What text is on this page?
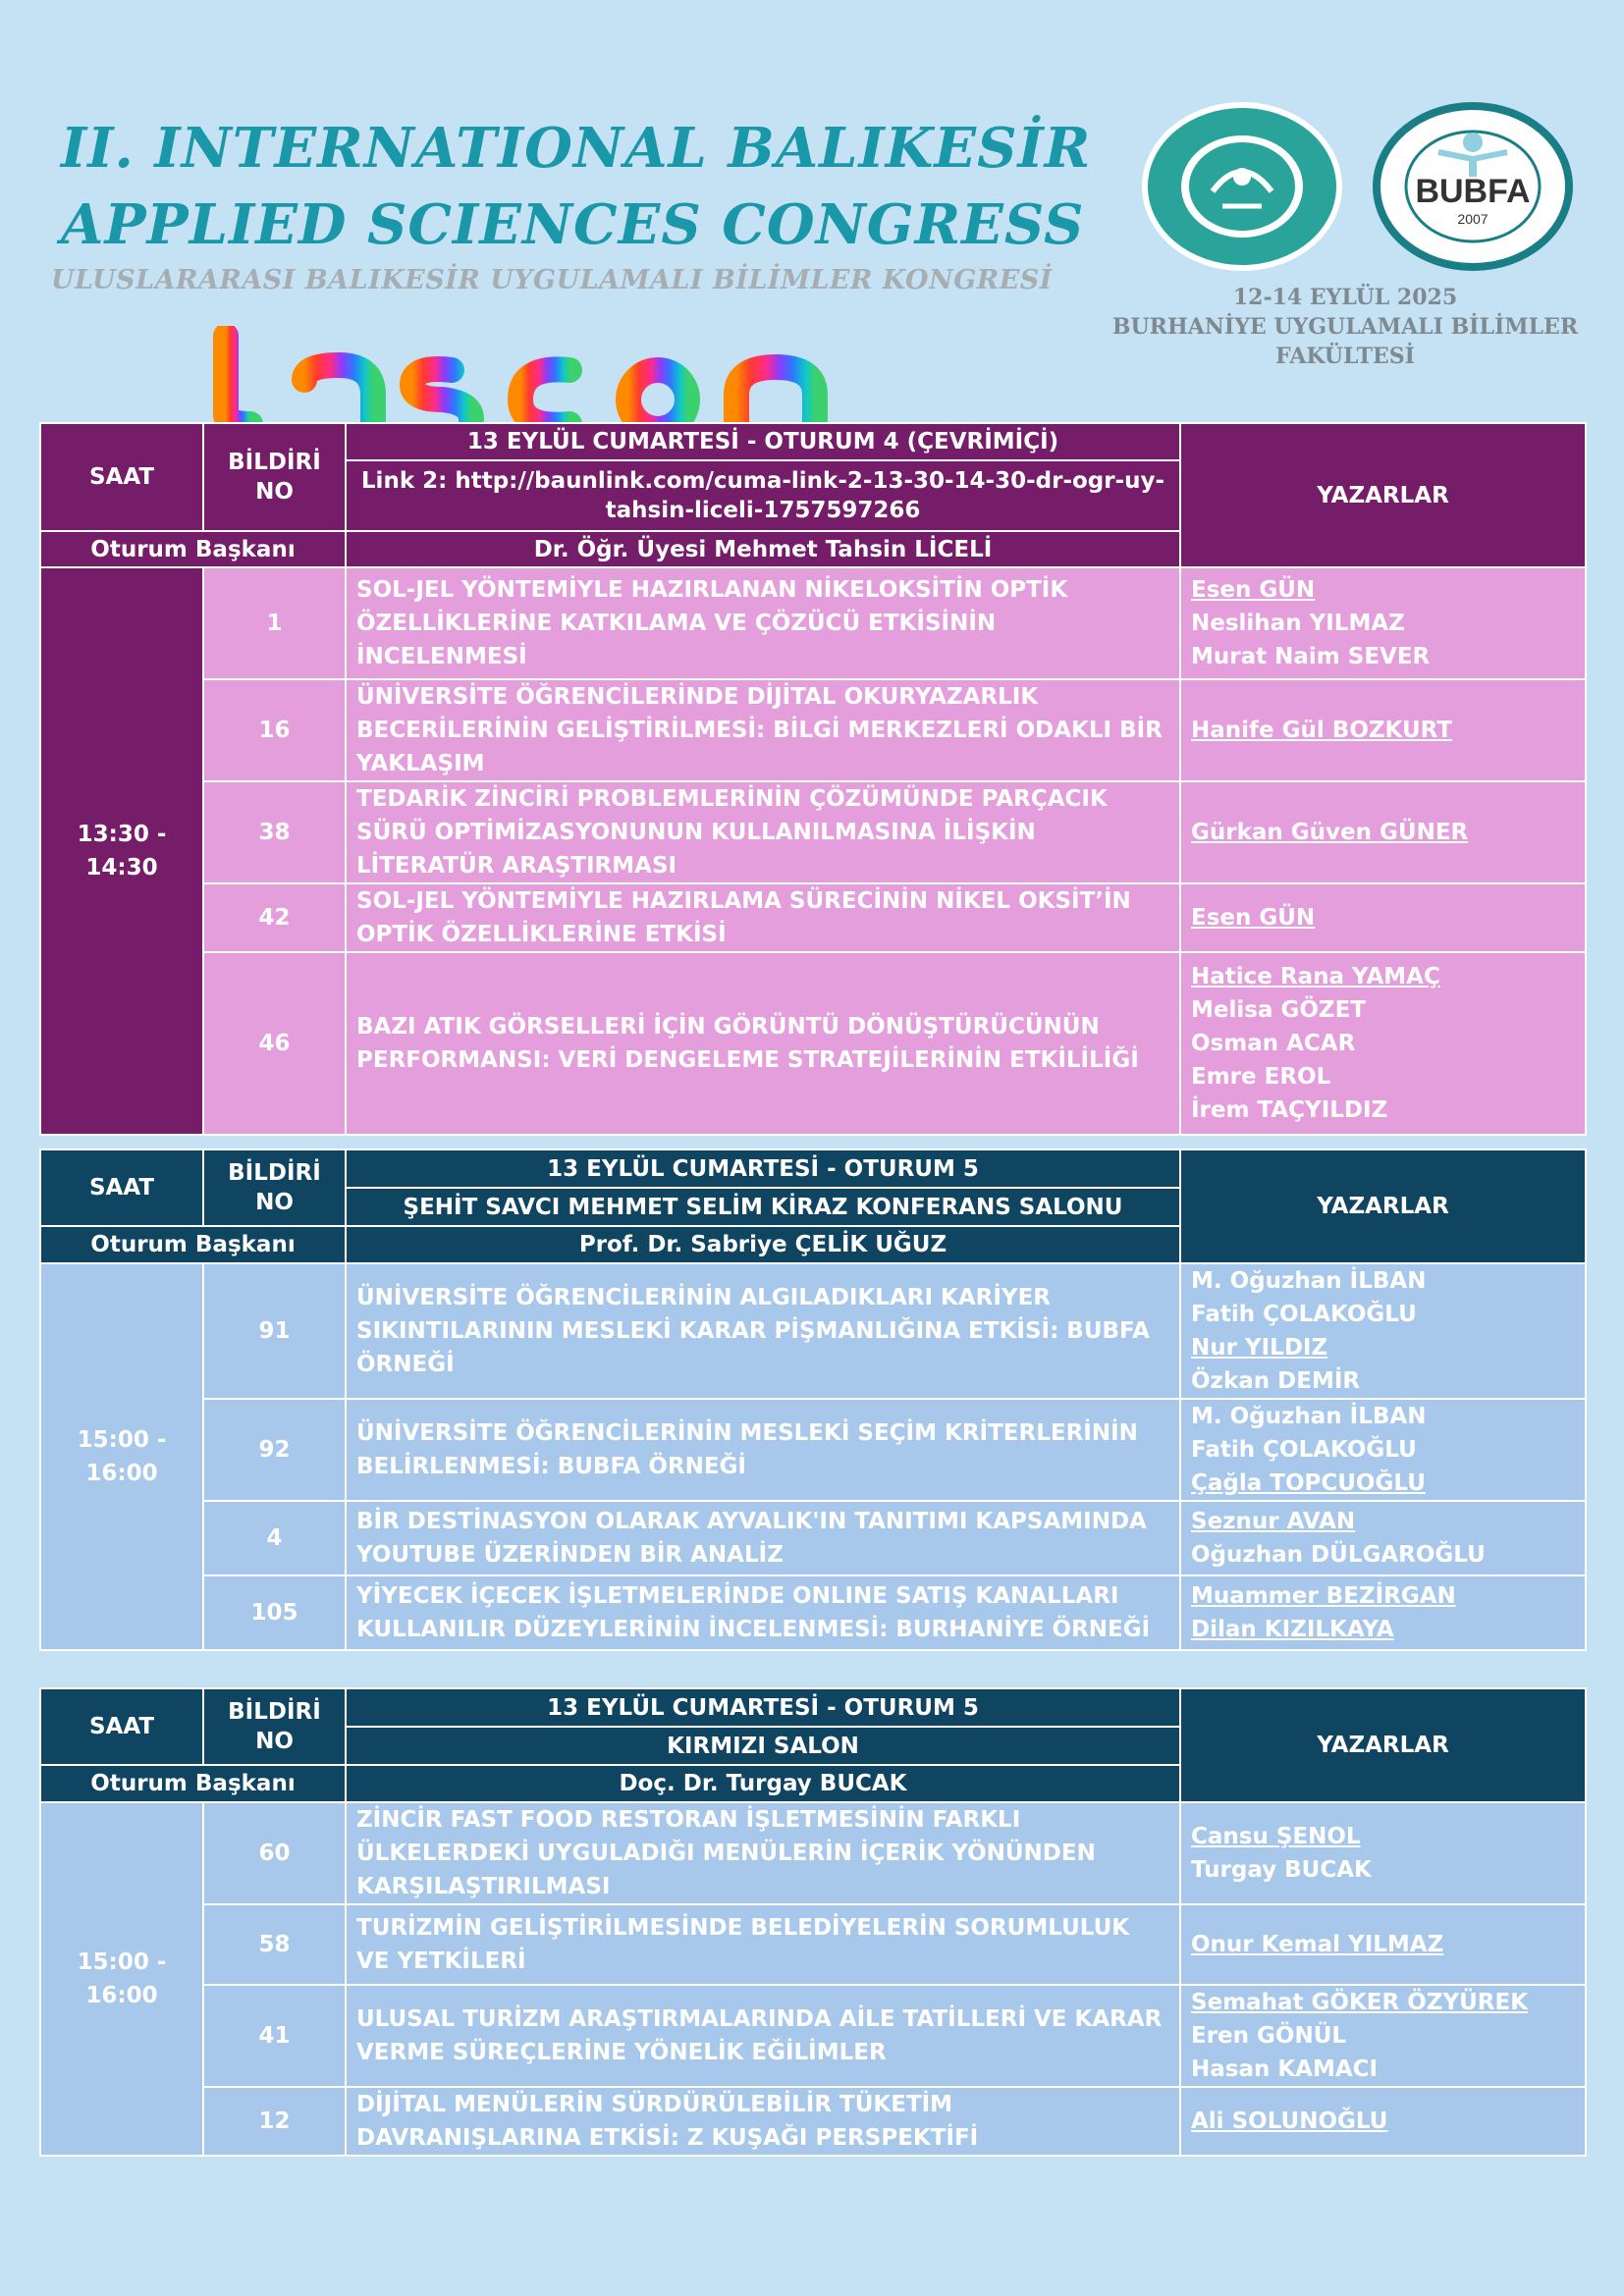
II. INTERNATIONAL BALIKESİR
APPLIED SCIENCES CONGRESS
ULUSLARARASI BALIKESİR UYGULAMALI BİLİMLER KONGRESİ
BUBFA
2007
12-14 EYLÜL 2025
BURHANİYE UYGULAMALI BİLİMLER
FAKÜLTESİ
SAAT	BİLDİRİ NO	13 EYLÜL CUMARTESİ - OTURUM 4 (ÇEVRİMİÇİ)	YAZARLAR
		Link 2: http://baunlink.com/cuma-link-2-13-30-14-30-dr-ogr-uy-tahsin-liceli-1757597266	
Oturum Başkanı		Dr. Öğr. Üyesi Mehmet Tahsin LİCELİ	
13:30 - 14:30	1	SOL-JEL YÖNTEMİYLE HAZIRLANAN NİKELOKSİTİN OPTİK ÖZELLİKLERİNE KATKILAMA VE ÇÖZÜCÜ ETKİSİNİN İNCELENMESİ	Esen GÜN
Neslihan YILMAZ
Murat Naim SEVER

	16	ÜNİVERSİTE ÖĞRENCİLERİNDE DİJİTAL OKURYAZARLIK BECERİLERİNİN GELİŞTİRİLMESİ: BİLGİ MERKEZLERİ ODAKLI BİR YAKLAŞIM	Hanife Gül BOZKURT

	38	TEDARİK ZİNCİRİ PROBLEMLERİNİN ÇÖZÜMÜNDE PARÇACIK SÜRÜ OPTİMİZASYONUNUN KULLANILMASINA İLİŞKİN LİTERATÜR ARAŞTIRMASI	Gürkan Güven GÜNER

	42	SOL-JEL YÖNTEMİYLE HAZIRLAMA SÜRECİNİN NİKEL OKSİT’İN OPTİK ÖZELLİKLERİNE ETKİSİ	Esen GÜN

	46	BAZI ATIK GÖRSELLERİ İÇİN GÖRÜNTÜ DÖNÜŞTÜRÜCÜNÜN PERFORMANSI: VERİ DENGELEME STRATEJİLERİNİN ETKİLİLİĞİ	Hatice Rana YAMAÇ
Melisa GÖZET
Osman ACAR
Emre EROL
İrem TAÇYILDIZ
SAAT	BİLDİRİ NO	13 EYLÜL CUMARTESİ - OTURUM 5	YAZARLAR
		ŞEHİT SAVCI MEHMET SELİM KİRAZ KONFERANS SALONU	
Oturum Başkanı		Prof. Dr. Sabriye ÇELİK UĞUZ	
15:00 - 16:00	91	ÜNİVERSİTE ÖĞRENCİLERİNİN ALGILADIKLARI KARİYER SIKINTILARININ MESLEKİ KARAR PİŞMANLIĞINA ETKİSİ: BUBFA ÖRNEĞİ	M. Oğuzhan İLBAN
Fatih ÇOLAKOĞLU
Nur YILDIZ
Özkan DEMİR

	92	ÜNİVERSİTE ÖĞRENCİLERİNİN MESLEKİ SEÇİM KRİTERLERİNİN BELİRLENMESİ: BUBFA ÖRNEĞİ	M. Oğuzhan İLBAN
Fatih ÇOLAKOĞLU
Çağla TOPCUOĞLU

	4	BİR DESTİNASYON OLARAK AYVALIK'IN TANITIMI KAPSAMINDA YOUTUBE ÜZERİNDEN BİR ANALİZ	Seznur AVAN
Oğuzhan DÜLGAROĞLU

	105	YİYECEK İÇECEK İŞLETMELERİNDE ONLINE SATIŞ KANALLARI KULLANILIR DÜZEYLERİNİN İNCELENMESİ: BURHANİYE ÖRNEĞİ	Muammer BEZİRGAN
Dilan KIZILKAYA
SAAT	BİLDİRİ NO	13 EYLÜL CUMARTESİ - OTURUM 5	YAZARLAR
		KIRMIZI SALON	
Oturum Başkanı		Doç. Dr. Turgay BUCAK	
15:00 - 16:00	60	ZİNCİR FAST FOOD RESTORAN İŞLETMESİNİN FARKLI ÜLKELERDEKİ UYGULADIĞI MENÜLERİN İÇERİK YÖNÜNDEN KARŞILAŞTIRILMASI	Cansu ŞENOL
Turgay BUCAK

	58	TURİZMİN GELİŞTİRİLMESİNDE BELEDİYELERİN SORUMLULUK VE YETKİLERİ	Onur Kemal YILMAZ

	41	ULUSAL TURİZM ARAŞTIRMALARINDA AİLE TATİLLERİ VE KARAR VERME SÜREÇLERİNE YÖNELİK EĞİLİMLER	Semahat GÖKER ÖZYÜREK
Eren GÖNÜL
Hasan KAMACI

	12	DİJİTAL MENÜLERİN SÜRDÜRÜLEBİLİR TÜKETİM DAVRANIŞLARINA ETKİSİ: Z KUŞAĞI PERSPEKTİFİ	Ali SOLUNOĞLU
